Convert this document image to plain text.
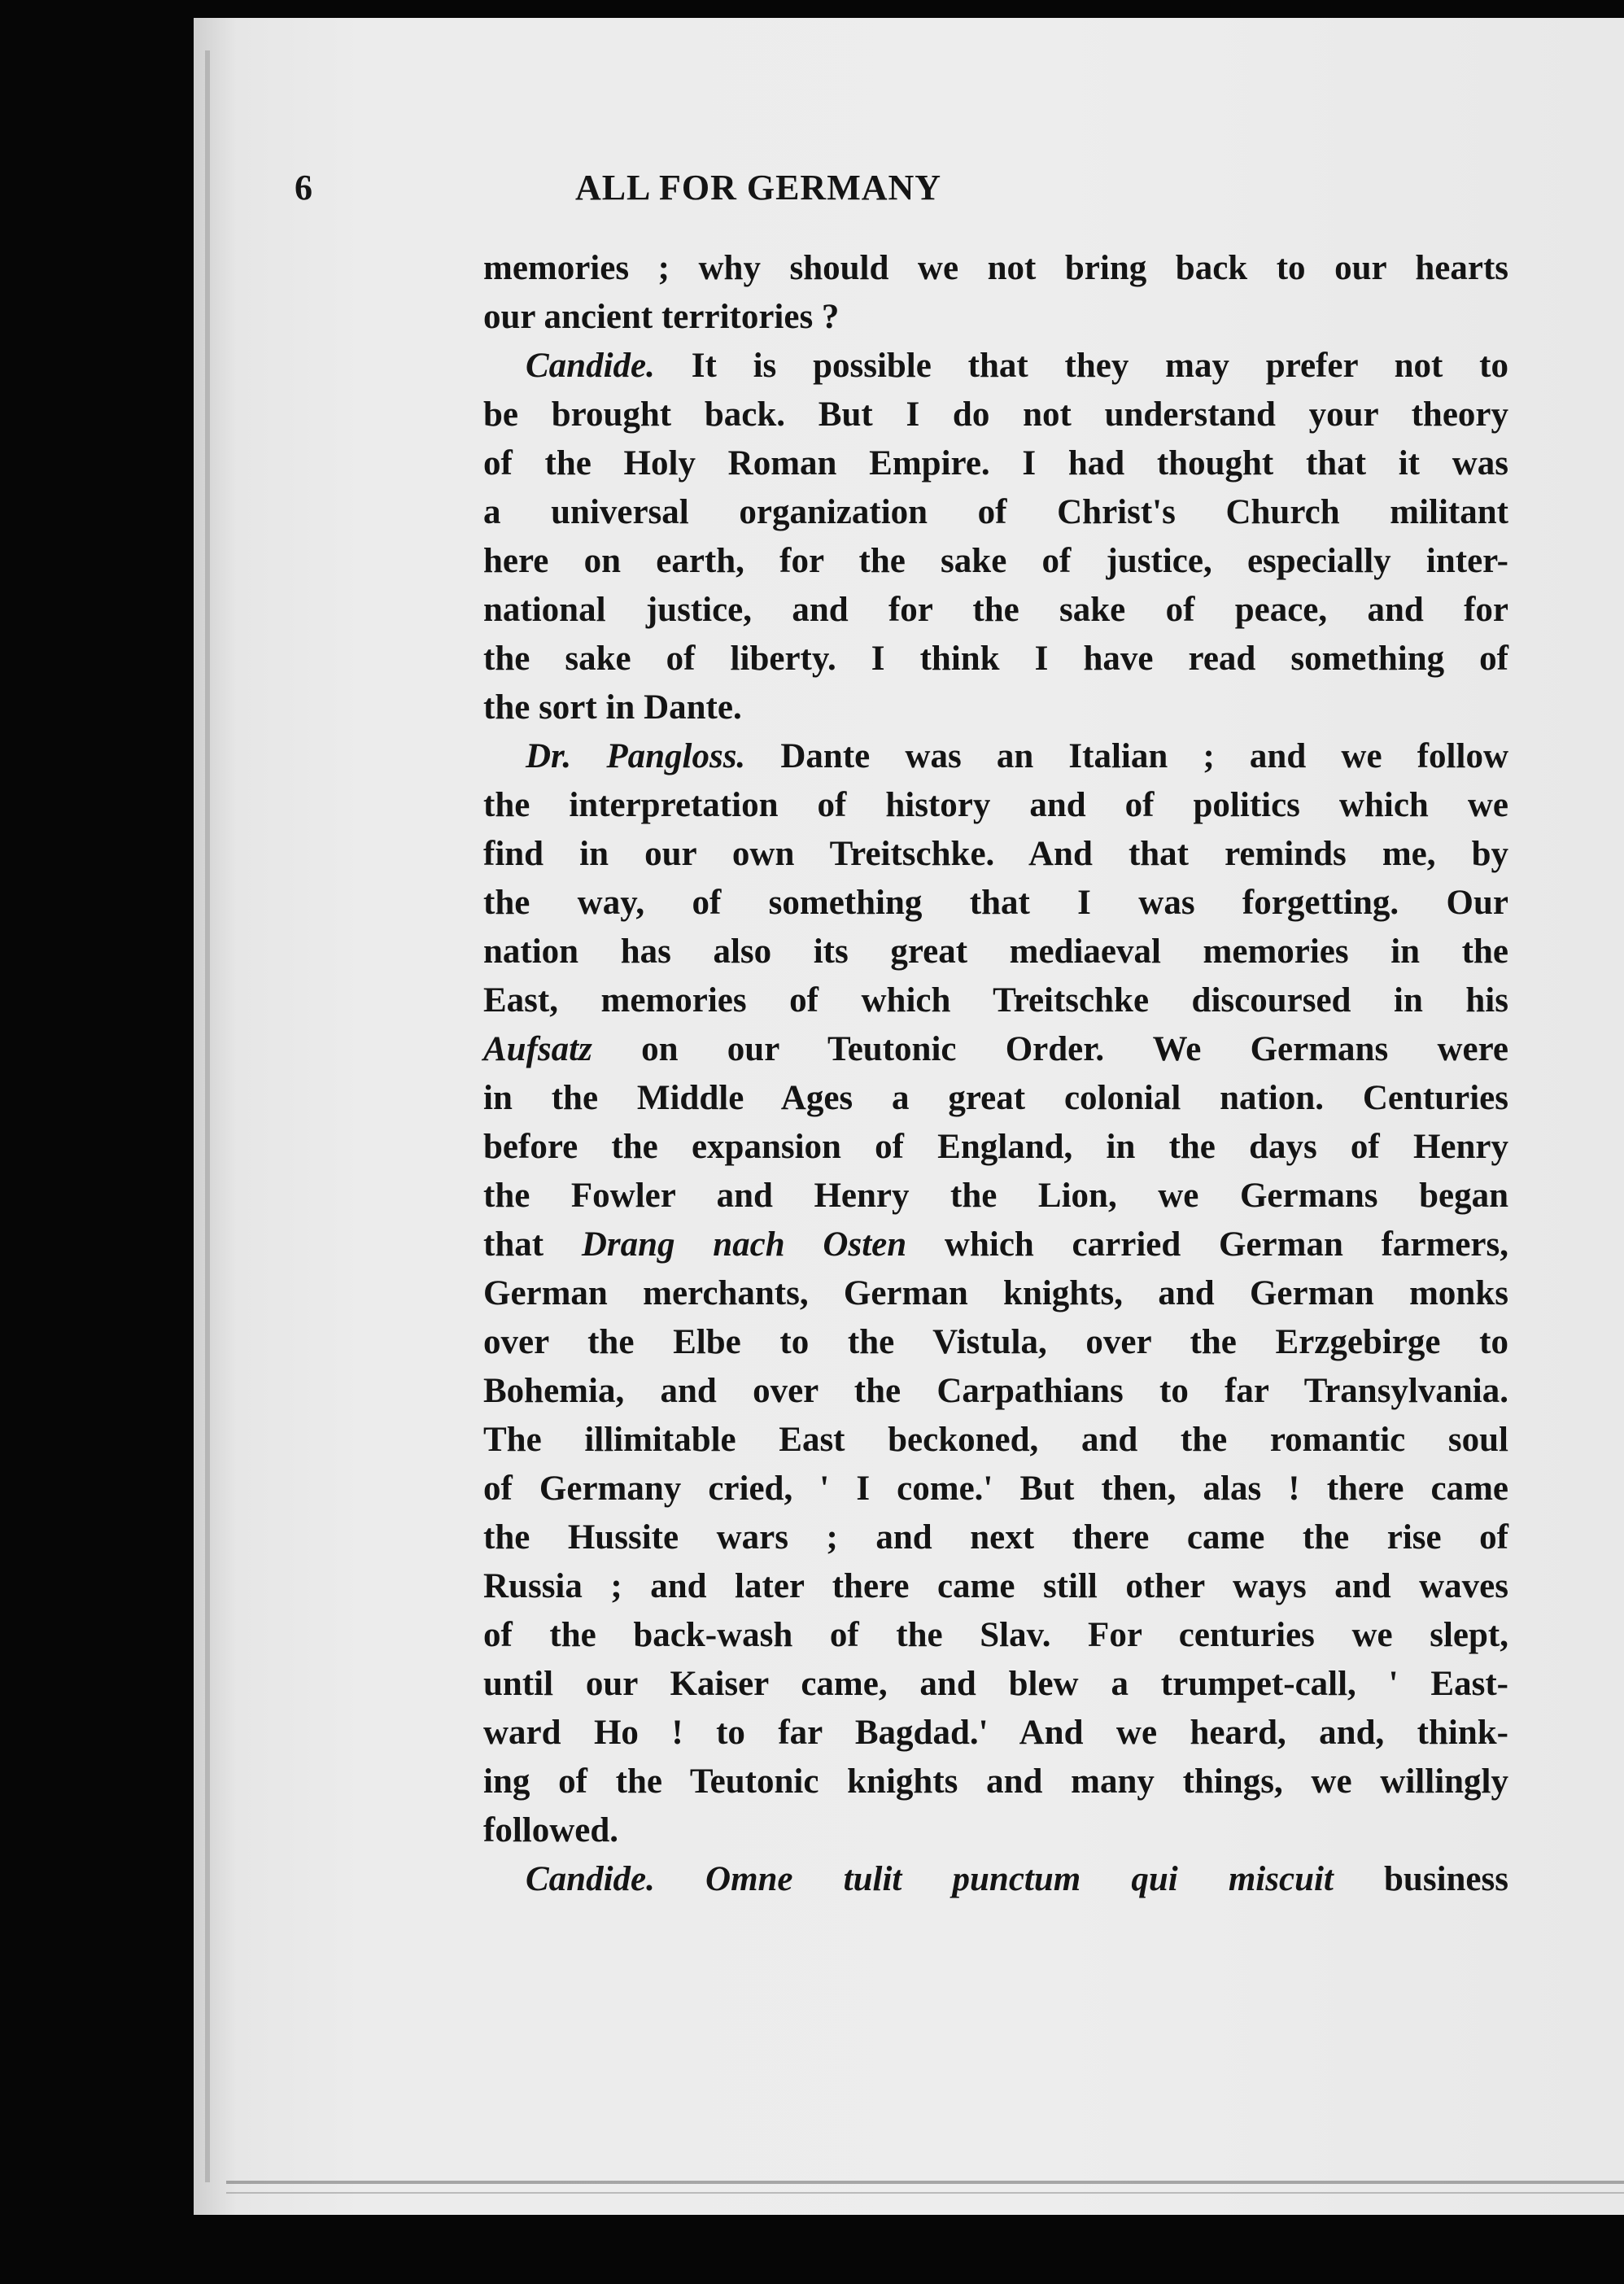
6	ALL FOR GERMANY
memories ; why should we not bring back to our hearts
our ancient territories ?
Candide. It is possible that they may prefer not to
be brought back. But I do not understand your theory
of the Holy Roman Empire. I had thought that it was
a universal organization of Christ's Church militant
here on earth, for the sake of justice, especially inter-
national justice, and for the sake of peace, and for
the sake of liberty. I think I have read something of
the sort in Dante.
Dr. Pangloss. Dante was an Italian ; and we follow
the interpretation of history and of politics which we
find in our own Treitschke. And that reminds me, by
the way, of something that I was forgetting. Our
nation has also its great mediaeval memories in the
East, memories of which Treitschke discoursed in his
Aufsatz on our Teutonic Order. We Germans were
in the Middle Ages a great colonial nation. Centuries
before the expansion of England, in the days of Henry
the Fowler and Henry the Lion, we Germans began
that Drang nach Osten which carried German farmers,
German merchants, German knights, and German monks
over the Elbe to the Vistula, over the Erzgebirge to
Bohemia, and over the Carpathians to far Transylvania.
The illimitable East beckoned, and the romantic soul
of Germany cried, ' I come.' But then, alas ! there came
the Hussite wars ; and next there came the rise of
Russia ; and later there came still other ways and waves
of the back-wash of the Slav. For centuries we slept,
until our Kaiser came, and blew a trumpet-call, ' East-
ward Ho ! to far Bagdad.' And we heard, and, think-
ing of the Teutonic knights and many things, we willingly
followed.
Candide. Omne tulit punctum qui miscuit business
